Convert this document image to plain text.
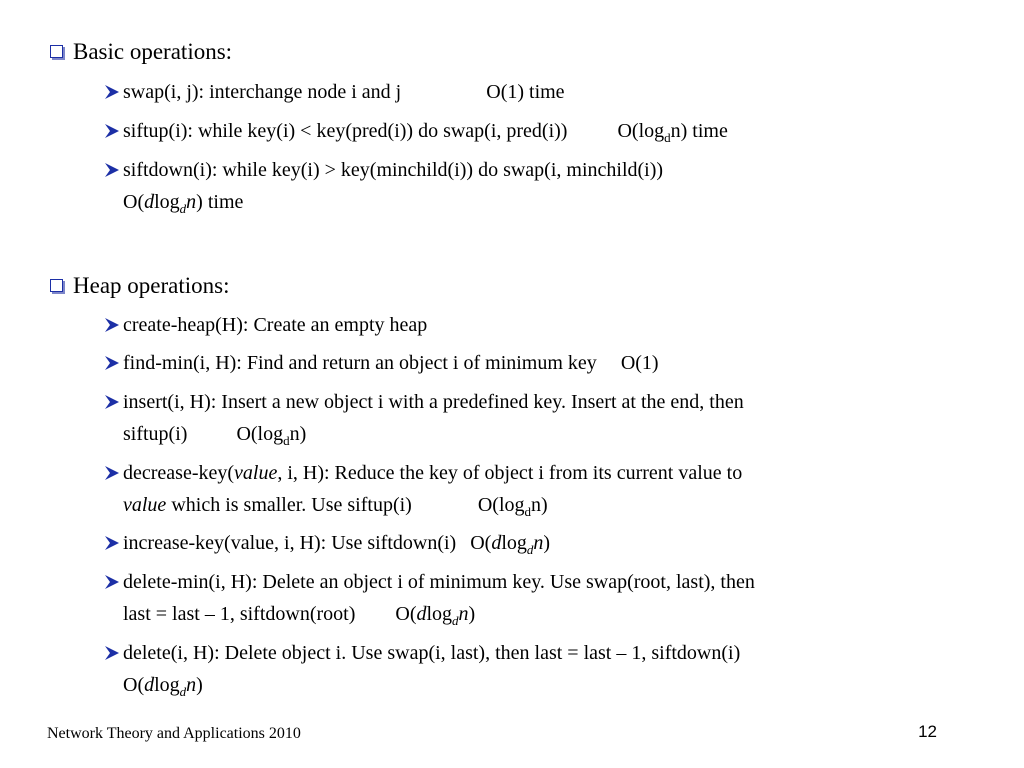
Basic operations:
swap(i, j): interchange node i and j	O(1) time
siftup(i): while key(i) < key(pred(i)) do swap(i, pred(i))	$O(\log_dn)$ time
siftdown(i): while key(i) > key(minchild(i)) do swap(i, minchild(i))
O(dlog$_d$n) time
Heap operations:
create-heap(H): Create an empty heap
find-min(i, H): Find and return an object i of minimum key O(1)
insert(i, H): Insert a new object i with a predefined key. Insert at the end, then
siftup(i) $O(\log_dn)$
decrease-key(value, i, H): Reduce the key of object i from its current value to
value which is smaller. Use siftup(i)	$O(\log_dn)$
increase-key(value, i, H): Use siftdown(i) O(dlog$_d$n)
delete-min(i, H): Delete an object i of minimum key. Use swap(root, last), then
last = last – 1, siftdown(root) O(dlog$_d$n)
delete(i, H): Delete object i. Use swap(i, last), then last = last – 1, siftdown(i)
O(dlog$_d$n)
Network Theory and Applications 2010	12
